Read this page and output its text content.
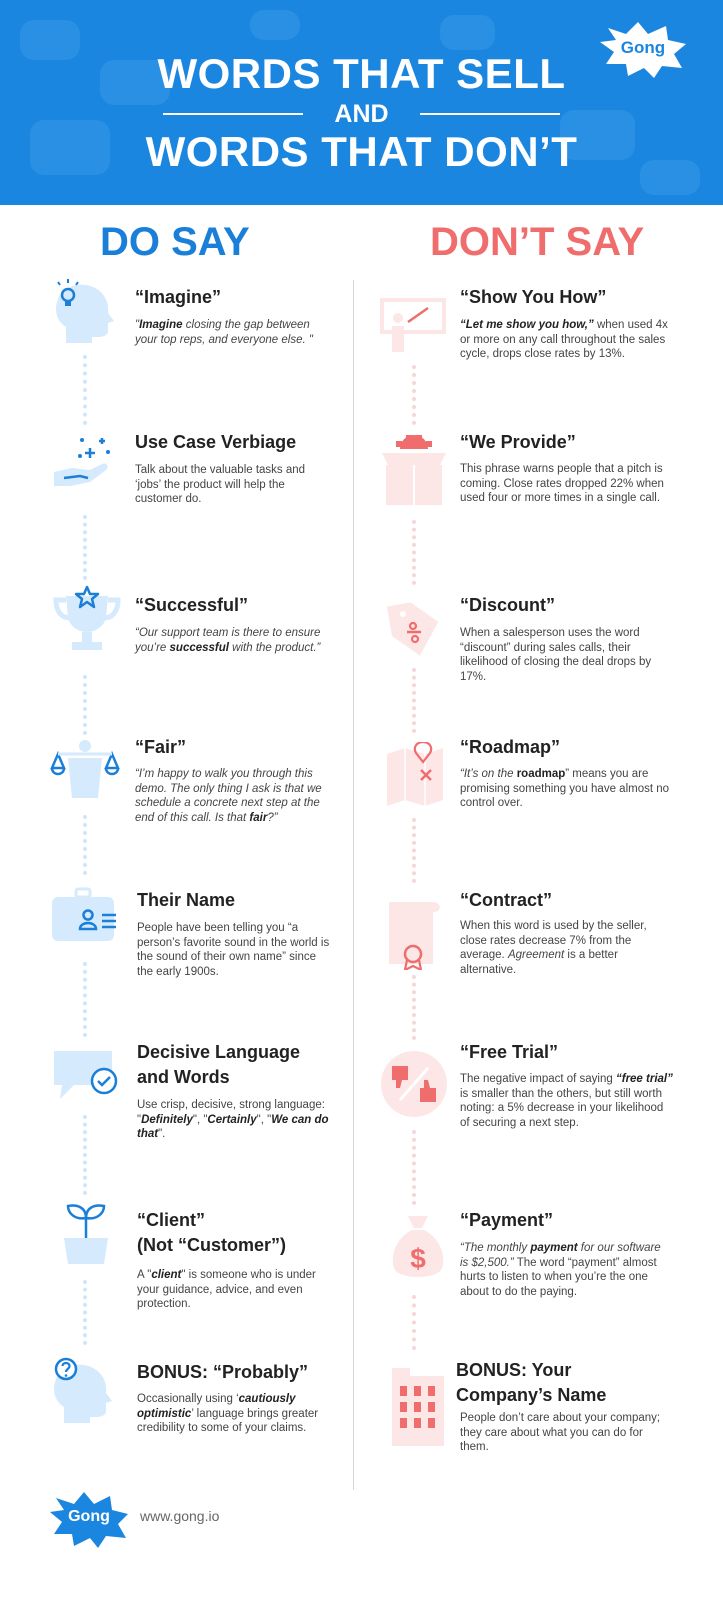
WORDS THAT SELL
AND
WORDS THAT DON’T
Gong
DO SAY	DON’T SAY
“Imagine”
"Imagine closing the gap between your top reps, and everyone else. "
Use Case Verbiage
Talk about the valuable tasks and ‘jobs’ the product will help the customer do.
“Successful”
“Our support team is there to ensure you’re successful with the product.”
“Fair”
“I’m happy to walk you through this demo. The only thing I ask is that we schedule a concrete next step at the end of this call. Is that fair?”
Their Name
People have been telling you “a person’s favorite sound in the world is the sound of their own name” since the early 1900s.
Decisive Language
and Words
Use crisp, decisive, strong language: "Definitely", "Certainly", "We can do that".
“Client”
(Not “Customer”)
A "client" is someone who is under your guidance, advice, and even protection.
BONUS: “Probably”
Occasionally using ‘cautiously optimistic’ language brings greater credibility to some of your claims.
“Show You How”
“Let me show you how,” when used 4x or more on any call throughout the sales cycle, drops close rates by 13%.
“We Provide”
This phrase warns people that a pitch is coming. Close rates dropped 22% when used four or more times in a single call.
“Discount”
When a salesperson uses the word “discount” during sales calls, their likelihood of closing the deal drops by 17%.
“Roadmap”
“It’s on the roadmap” means you are promising something you have almost no control over.
“Contract”
When this word is used by the seller, close rates decrease 7% from the average. Agreement is a better alternative.
“Free Trial”
The negative impact of saying “free trial” is smaller than the others, but still worth noting: a 5% decrease in your likelihood of securing a next step.
$
“Payment”
“The monthly payment for our software is $2,500.” The word “payment” almost hurts to listen to when you’re the one about to do the paying.
BONUS: Your
Company’s Name
People don’t care about your company; they care about what you can do for them.
Gong	www.gong.io
